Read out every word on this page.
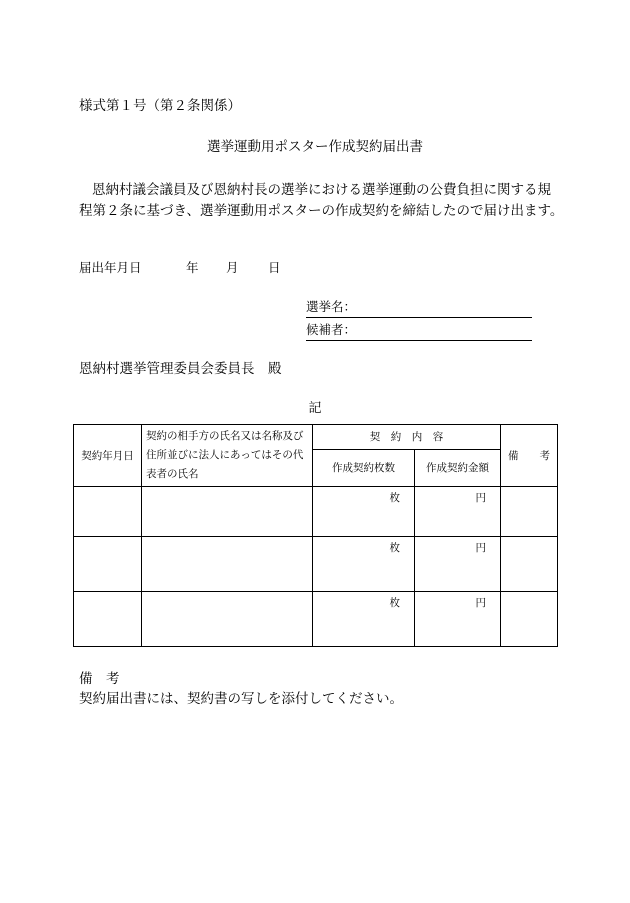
様式第１号（第２条関係）
選挙運動用ポスター作成契約届出書
恩納村議会議員及び恩納村長の選挙における選挙運動の公費負担に関する規
程第２条に基づき、選挙運動用ポスターの作成契約を締結したので届け出ます。
届出年月日	年 月 日
選挙名：
候補者：
恩納村選挙管理委員会委員長　殿
記
契約年月日	契約の相手方の氏名又は名称及び住所並びに法人にあってはその代表者の氏名	契　約　内　容		備　　考
		作成契約枚数	作成契約金額	
		枚	円	
		枚	円	
		枚	円	
備　考
契約届出書には、契約書の写しを添付してください。
